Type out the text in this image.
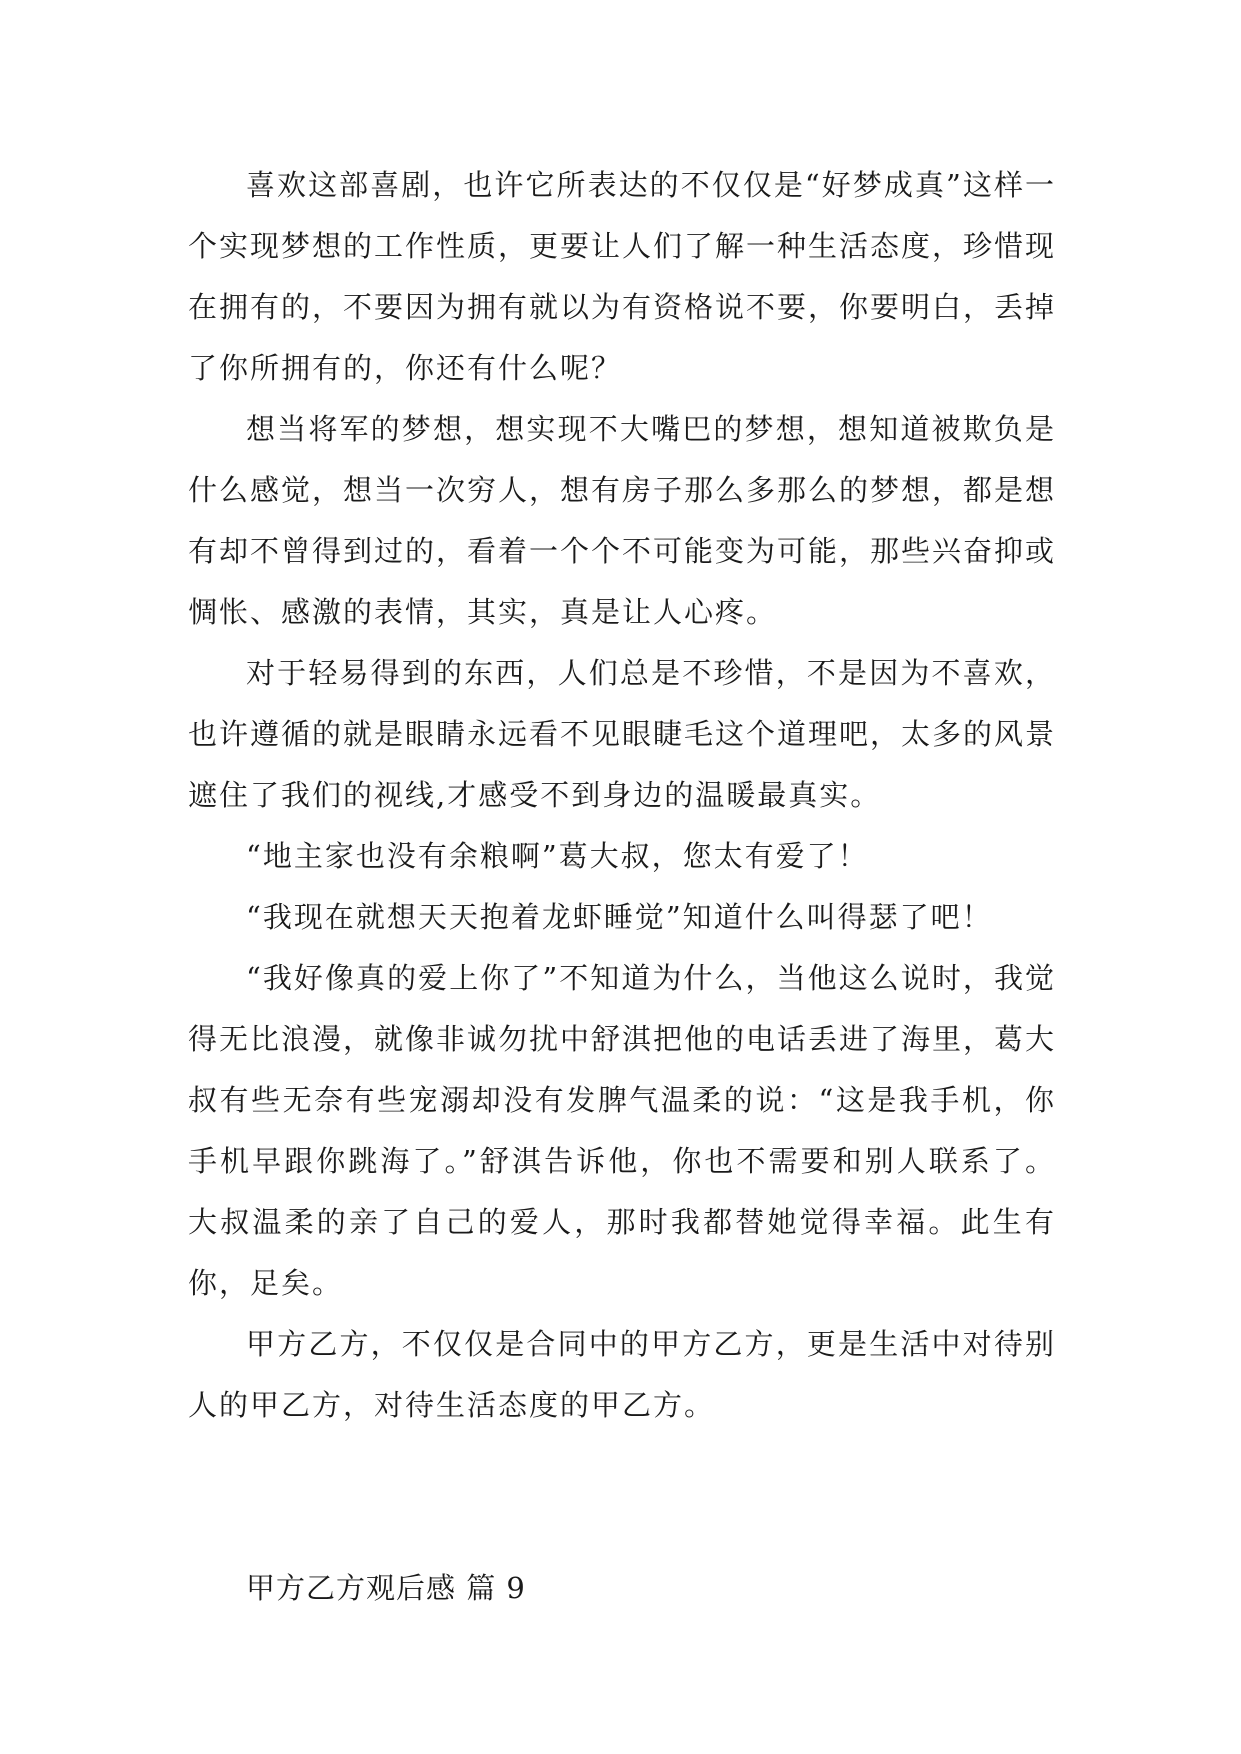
喜欢这部喜剧，也许它所表达的不仅仅是“好梦成真”这样一个实现梦想的工作性质，更要让人们了解一种生活态度，珍惜现在拥有的，不要因为拥有就以为有资格说不要，你要明白，丢掉了你所拥有的，你还有什么呢？

想当将军的梦想，想实现不大嘴巴的梦想，想知道被欺负是什么感觉，想当一次穷人，想有房子那么多那么的梦想，都是想有却不曾得到过的，看着一个个不可能变为可能，那些兴奋抑或惆怅、感激的表情，其实，真是让人心疼。

对于轻易得到的东西，人们总是不珍惜，不是因为不喜欢，也许遵循的就是眼睛永远看不见眼睫毛这个道理吧，太多的风景遮住了我们的视线,才感受不到身边的温暖最真实。

“地主家也没有余粮啊”葛大叔，您太有爱了！

“我现在就想天天抱着龙虾睡觉”知道什么叫得瑟了吧！

“我好像真的爱上你了”不知道为什么，当他这么说时，我觉得无比浪漫，就像非诚勿扰中舒淇把他的电话丢进了海里，葛大叔有些无奈有些宠溺却没有发脾气温柔的说：“这是我手机，你手机早跟你跳海了。”舒淇告诉他，你也不需要和别人联系了。大叔温柔的亲了自己的爱人，那时我都替她觉得幸福。此生有你，足矣。

甲方乙方，不仅仅是合同中的甲方乙方，更是生活中对待别人的甲乙方，对待生活态度的甲乙方。

甲方乙方观后感 篇 9
